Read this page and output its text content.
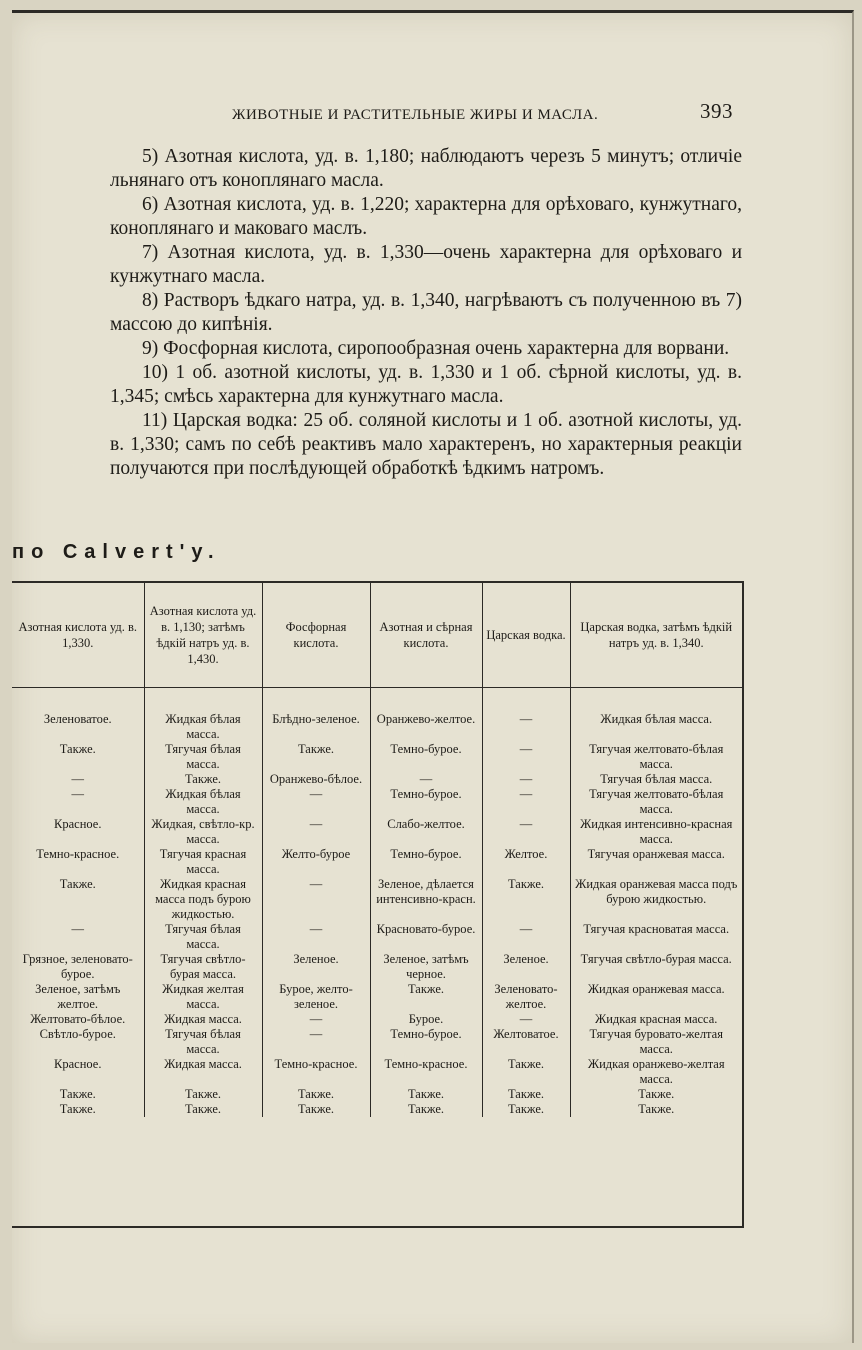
ЖИВОТНЫЕ И РАСТИТЕЛЬНЫЕ ЖИРЫ И МАСЛА.	393

5) Азотная кислота, уд. в. 1,180; наблюдаютъ черезъ 5 минутъ; отличіе льнянаго отъ коноплянаго масла.

6) Азотная кислота, уд. в. 1,220; характерна для орѣховаго, кунжутнаго, коноплянаго и маковаго маслъ.

7) Азотная кислота, уд. в. 1,330—очень характерна для орѣховаго и кунжутнаго масла.

8) Растворъ ѣдкаго натра, уд. в. 1,340, нагрѣваютъ съ полученною въ 7) массою до кипѣнія.

9) Фосфорная кислота, сиропообразная очень характерна для ворвани.

10) 1 об. азотной кислоты, уд. в. 1,330 и 1 об. сѣрной кислоты, уд. в. 1,345; смѣсь характерна для кунжутнаго масла.

11) Царская водка: 25 об. соляной кислоты и 1 об. азотной кислоты, уд. в. 1,330; самъ по себѣ реактивъ мало характеренъ, но характерныя реакціи получаются при послѣдующей обработкѣ ѣдкимъ натромъ.

по Calvert'y.
Азотная кислота уд. в. 1,330.	Азотная кислота уд. в. 1,130; затѣмъ ѣдкій натръ уд. в. 1,430.	Фосфорная кислота.	Азотная и сѣрная кислота.	Царская водка.	Царская водка, затѣмъ ѣдкій натръ уд. в. 1,340.
Зеленоватое.	Жидкая бѣлая масса.	Блѣдно-зеленое.	Оранжево-желтое.	—	Жидкая бѣлая масса.
Также.	Тягучая бѣлая масса.	Также.	Темно-бурое.	—	Тягучая желтовато-бѣлая масса.
—	Также.	Оранжево-бѣлое.	—	—	Тягучая бѣлая масса.
—	Жидкая бѣлая масса.	—	Темно-бурое.	—	Тягучая желтовато-бѣлая масса.
Красное.	Жидкая, свѣтло-кр. масса.	—	Слабо-желтое.	—	Жидкая интенсивно-красная масса.
Темно-красное.	Тягучая красная масса.	Желто-бурое	Темно-бурое.	Желтое.	Тягучая оранжевая масса.
Также.	Жидкая красная масса подъ бурою жидкостью.	—	Зеленое, дѣлается интенсивно-красн.	Также.	Жидкая оранжевая масса подъ бурою жидкостью.
—	Тягучая бѣлая масса.	—	Красновато-бурое.	—	Тягучая красноватая масса.
Грязное, зеленовато-бурое.	Тягучая свѣтло-бурая масса.	Зеленое.	Зеленое, затѣмъ черное.	Зеленое.	Тягучая свѣтло-бурая масса.
Зеленое, затѣмъ желтое.	Жидкая желтая масса.	Бурое, желто-зеленое.	Также.	Зеленовато-желтое.	Жидкая оранжевая масса.
Желтовато-бѣлое.	Жидкая масса.	—	Бурое.	—	Жидкая красная масса.
Свѣтло-бурое.	Тягучая бѣлая масса.	—	Темно-бурое.	Желтоватое.	Тягучая буровато-желтая масса.
Красное.	Жидкая масса.	Темно-красное.	Темно-красное.	Также.	Жидкая оранжево-желтая масса.
Также.	Также.	Также.	Также.	Также.	Также.
Также.	Также.	Также.	Также.	Также.	Также.
